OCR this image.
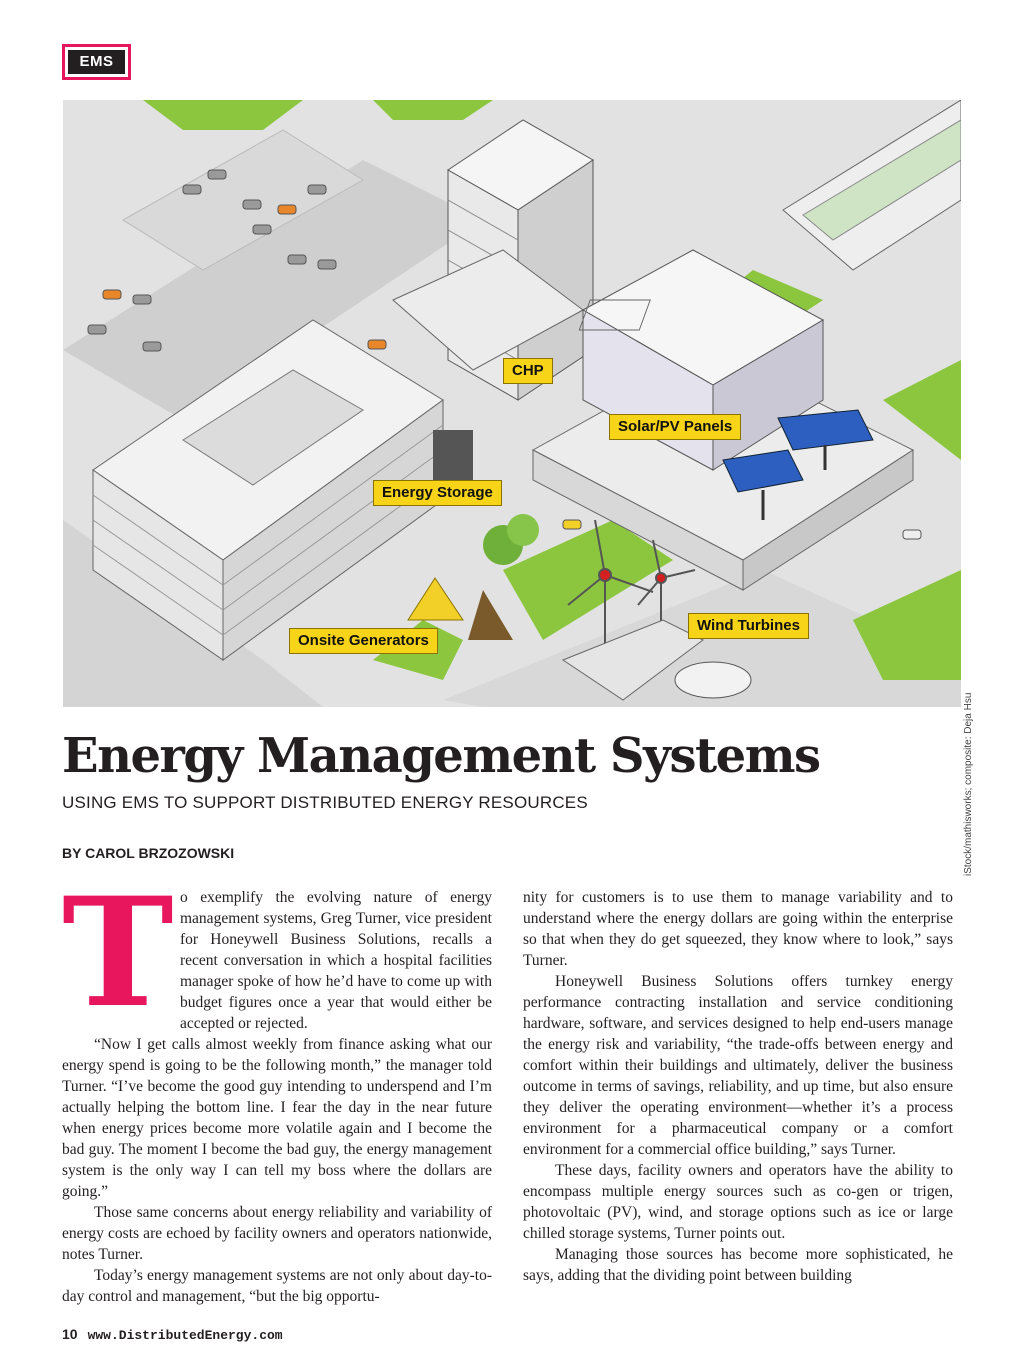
EMS
CHP
Solar/PV Panels
Energy Storage
Wind Turbines
Onsite Generators
iStock/mathisworks; composite: Deja Hsu
Energy Management Systems

USING EMS TO SUPPORT DISTRIBUTED ENERGY RESOURCES

BY CAROL BRZOZOWSKI

T o exemplify the evolving nature of energy management systems, Greg Turner, vice president for Honeywell Business Solutions, recalls a recent conversation in which a hospital facilities manager spoke of how he’d have to come up with budget figures once a year that would either be accepted or rejected.

“Now I get calls almost weekly from finance asking what our energy spend is going to be the following month,” the manager told Turner. “I’ve become the good guy intending to underspend and I’m actually helping the bottom line. I fear the day in the near future when energy prices become more volatile again and I become the bad guy. The moment I become the bad guy, the energy management system is the only way I can tell my boss where the dollars are going.”

Those same concerns about energy reliability and variability of energy costs are echoed by facility owners and operators nationwide, notes Turner.

Today’s energy management systems are not only about day-to-day control and management, “but the big opportu-

nity for customers is to use them to manage variability and to understand where the energy dollars are going within the enterprise so that when they do get squeezed, they know where to look,” says Turner.

Honeywell Business Solutions offers turnkey energy performance contracting installation and service conditioning hardware, software, and services designed to help end-users manage the energy risk and variability, “the trade-offs between energy and comfort within their buildings and ultimately, deliver the business outcome in terms of savings, reliability, and up time, but also ensure they deliver the operating environment—whether it’s a process environment for a pharmaceutical company or a comfort environment for a commercial office building,” says Turner.

These days, facility owners and operators have the ability to encompass multiple energy sources such as co-gen or trigen, photovoltaic (PV), wind, and storage options such as ice or large chilled storage systems, Turner points out.

Managing those sources has become more sophisticated, he says, adding that the dividing point between building

10 www.DistributedEnergy.com
